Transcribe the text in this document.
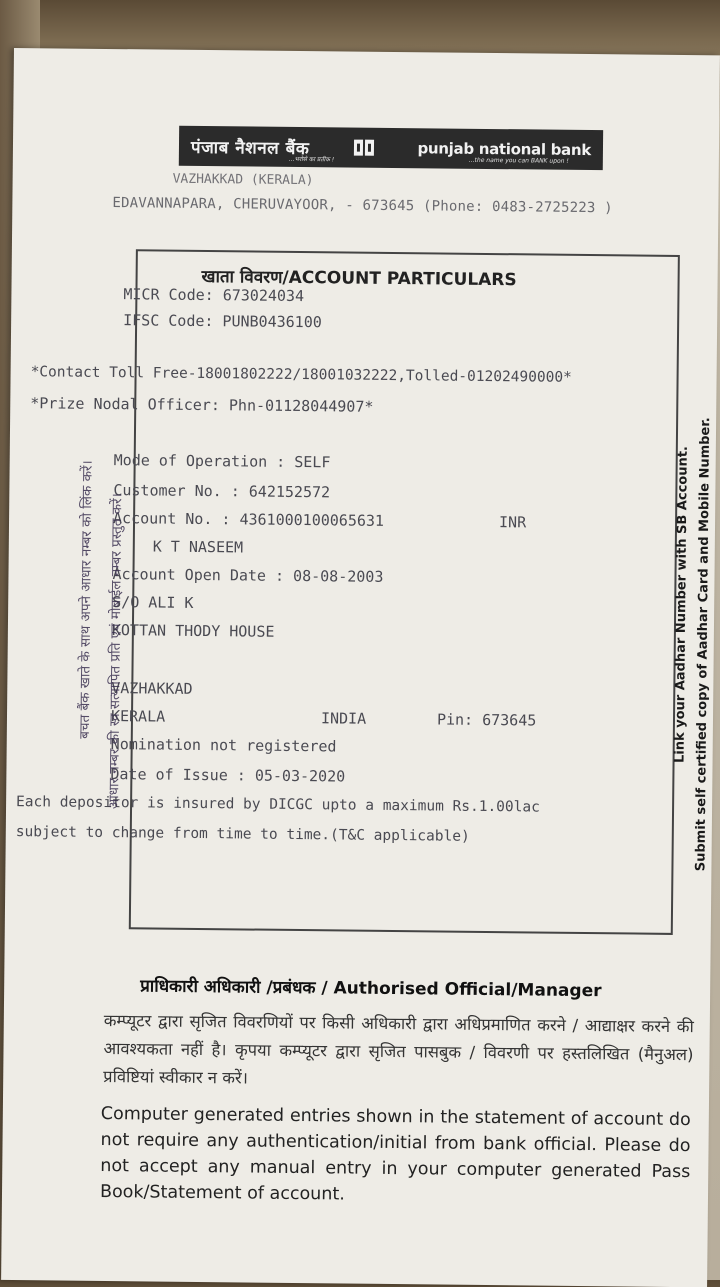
पंजाब नैशनल बैंक	punjab national bank
...भरोसे का प्रतीक !	...the name you can BANK upon !
VAZHAKKAD (KERALA)
EDAVANNAPARA, CHERUVAYOOR, - 673645 (Phone: 0483-2725223 )
खाता विवरण/ACCOUNT PARTICULARS
MICR Code: 673024034
IFSC Code: PUNB0436100
*Contact Toll Free-18001802222/18001032222,Tolled-01202490000*
*Prize Nodal Officer: Phn-01128044907*
Mode of Operation : SELF
Customer No. : 642152572
Account No. : 4361000100065631	INR
K T NASEEM
Account Open Date : 08-08-2003
S/O ALI K
KOTTAN THODY HOUSE
VAZHAKKAD
KERALA	INDIA	Pin: 673645
Nomination not registered
Date of Issue : 05-03-2020
Each depositor is insured by DICGC upto a maximum Rs.1.00lac
subject to change from time to time.(T&C applicable)
Link your Aadhar Number with SB Account. Submit self certified copy of Aadhar Card and Mobile Number.
बचत बैंक खाते के साथ अपने आधार नम्बर को लिंक करें। आधार नम्बर की स्व सत्यापित प्रति एवं मोबाईल नम्बर प्रस्तुत करें।
प्राधिकारी अधिकारी /प्रबंधक / Authorised Official/Manager
कम्प्यूटर द्वारा सृजित विवरणियों पर किसी अधिकारी द्वारा अधिप्रमाणित करने / आद्याक्षर करने की आवश्यकता नहीं है। कृपया कम्प्यूटर द्वारा सृजित पासबुक / विवरणी पर हस्तलिखित (मैनुअल) प्रविष्टियां स्वीकार न करें।
Computer generated entries shown in the statement of account do not require any authentication/initial from bank official. Please do not accept any manual entry in your computer generated Pass Book/Statement of account.
